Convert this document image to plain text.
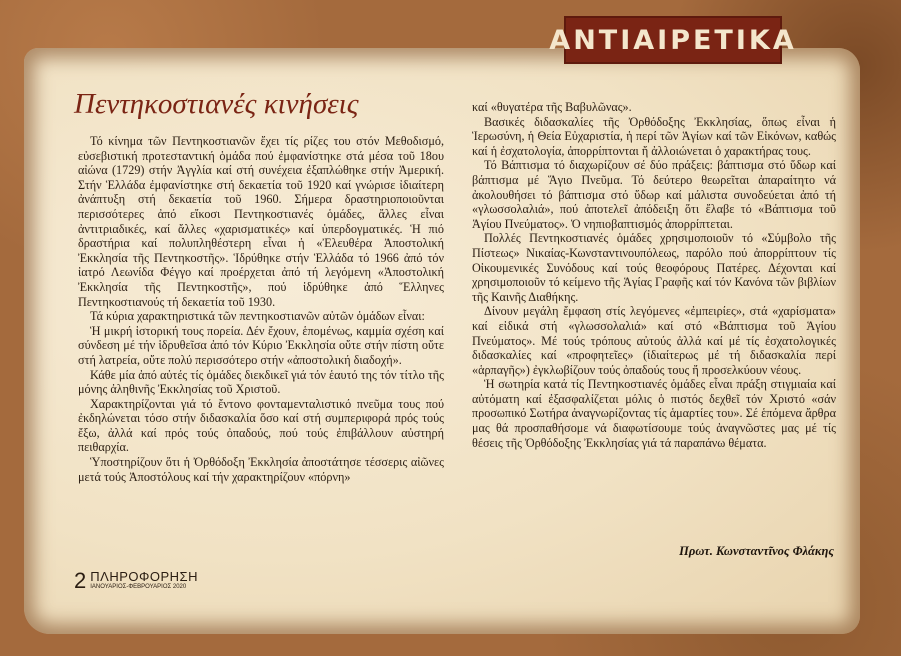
ΑΝΤΙΑΙΡΕΤΙΚΑ
Πεντηκοστιανές κινήσεις

Τό κίνημα τῶν Πεντηκοστιανῶν ἔχει τίς ρίζες του στόν Μεθοδισμό, εὐσεβιστική προτεσταντική ὁμάδα πού ἐμφανίστηκε στά μέσα τοῦ 18ου αἰώνα (1729) στήν Ἀγγλία καί στή συνέχεια ἐξαπλώθηκε στήν Ἀμερική. Στήν Ἑλλάδα ἐμφανίστηκε στή δεκαετία τοῦ 1920 καί γνώρισε ἰδιαίτερη ἀνάπτυξη στή δεκαετία τοῦ 1960. Σήμερα δραστηριοποιοῦνται περισσότερες ἀπό εἴκοσι Πεντηκοστιανές ὁμάδες, ἄλλες εἶναι ἀντιτριαδικές, καί ἄλλες «χαρισματικές» καί ὑπερδογματικές. Ἡ πιό δραστήρια καί πολυπληθέστερη εἶναι ἡ «Ἐλευθέρα Ἀποστολική Ἐκκλησία τῆς Πεντηκοστῆς». Ἱδρύθηκε στήν Ἑλλάδα τό 1966 ἀπό τόν ἰατρό Λεωνίδα Φέγγο καί προέρχεται ἀπό τή λεγόμενη «Ἀποστολική Ἐκκλησία τῆς Πεντηκοστῆς», πού ἱδρύθηκε ἀπό Ἕλληνες Πεντηκοστιανούς τή δεκαετία τοῦ 1930.

Τά κύρια χαρακτηριστικά τῶν πεντηκοστιανῶν αὐτῶν ὁμάδων εἶναι:

Ἡ μικρή ἱστορική τους πορεία. Δέν ἔχουν, ἑπομένως, καμμία σχέση καί σύνδεση μέ τήν ἱδρυθεῖσα ἀπό τόν Κύριο Ἐκκλησία οὔτε στήν πίστη οὔτε στή λατρεία, οὔτε πολύ περισσότερο στήν «ἀποστολική διαδοχή».

Κάθε μία ἀπό αὐτές τίς ὁμάδες διεκδικεῖ γιά τόν ἑαυτό της τόν τίτλο τῆς μόνης ἀληθινῆς Ἐκκλησίας τοῦ Χριστοῦ.

Χαρακτηρίζονται γιά τό ἔντονο φονταμενταλιστικό πνεῦμα τους πού ἐκδηλώνεται τόσο στήν διδασκαλία ὅσο καί στή συμπεριφορά πρός τούς ἔξω, ἀλλά καί πρός τούς ὀπαδούς, πού τούς ἐπιβάλλουν αὐστηρή πειθαρχία.

Ὑποστηρίζουν ὅτι ἡ Ὀρθόδοξη Ἐκκλησία ἀποστάτησε τέσσερις αἰῶνες μετά τούς Ἀποστόλους καί τήν χαρακτηρίζουν «πόρνη»

καί «θυγατέρα τῆς Βαβυλῶνας».

Βασικές διδασκαλίες τῆς Ὀρθόδοξης Ἐκκλησίας, ὅπως εἶναι ἡ Ἱερωσύνη, ἡ Θεία Εὐχαριστία, ἡ περί τῶν Ἁγίων καί τῶν Εἰκόνων, καθώς καί ἡ ἐσχατολογία, ἀπορρίπτονται ἤ ἀλλοιώνεται ὁ χαρακτήρας τους.

Τό Βάπτισμα τό διαχωρίζουν σέ δύο πράξεις: βάπτισμα στό ὕδωρ καί βάπτισμα μέ Ἅγιο Πνεῦμα. Τό δεύτερο θεωρεῖται ἀπαραίτητο νά ἀκολουθήσει τό βάπτισμα στό ὕδωρ καί μάλιστα συνοδεύεται ἀπό τή «γλωσσολαλιά», πού ἀποτελεῖ ἀπόδειξη ὅτι ἔλαβε τό «Βάπτισμα τοῦ Ἁγίου Πνεύματος». Ὁ νηπιοβαπτισμός ἀπορρίπτεται.

Πολλές Πεντηκοστιανές ὁμάδες χρησιμοποιοῦν τό «Σύμβολο τῆς Πίστεως» Νικαίας-Κωνσταντινουπόλεως, παρόλο πού ἀπορρίπτουν τίς Οἰκουμενικές Συνόδους καί τούς θεοφόρους Πατέρες. Δέχονται καί χρησιμοποιοῦν τό κείμενο τῆς Ἁγίας Γραφῆς καί τόν Κανόνα τῶν βιβλίων τῆς Καινῆς Διαθήκης.

Δίνουν μεγάλη ἔμφαση στίς λεγόμενες «ἐμπειρίες», στά «χαρίσματα» καί εἰδικά στή «γλωσσολαλιά» καί στό «Βάπτισμα τοῦ Ἁγίου Πνεύματος». Μέ τούς τρόπους αὐτούς ἀλλά καί μέ τίς ἐσχατολογικές διδασκαλίες καί «προφητεῖες» (ἰδιαίτερως μέ τή διδασκαλία περί «ἁρπαγῆς») ἐγκλωβίζουν τούς ὀπαδούς τους ἤ προσελκύουν νέους.

Ἡ σωτηρία κατά τίς Πεντηκοστιανές ὁμάδες εἶναι πράξη στιγμιαία καί αὐτόματη καί ἐξασφαλίζεται μόλις ὁ πιστός δεχθεῖ τόν Χριστό «σάν προσωπικό Σωτήρα ἀναγνωρίζοντας τίς ἁμαρτίες του». Σέ ἑπόμενα ἄρθρα μας θά προσπαθήσομε νά διαφωτίσουμε τούς ἀναγνῶστες μας μέ τίς θέσεις τῆς Ὀρθόδοξης Ἐκκλησίας γιά τά παραπάνω θέματα.

Πρωτ. Κωνσταντῖνος Φλάκης
2 ΠΛΗΡΟΦΟΡΗΣΗ
ΙΑΝΟΥΑΡΙΟΣ-ΦΕΒΡΟΥΑΡΙΟΣ 2020
